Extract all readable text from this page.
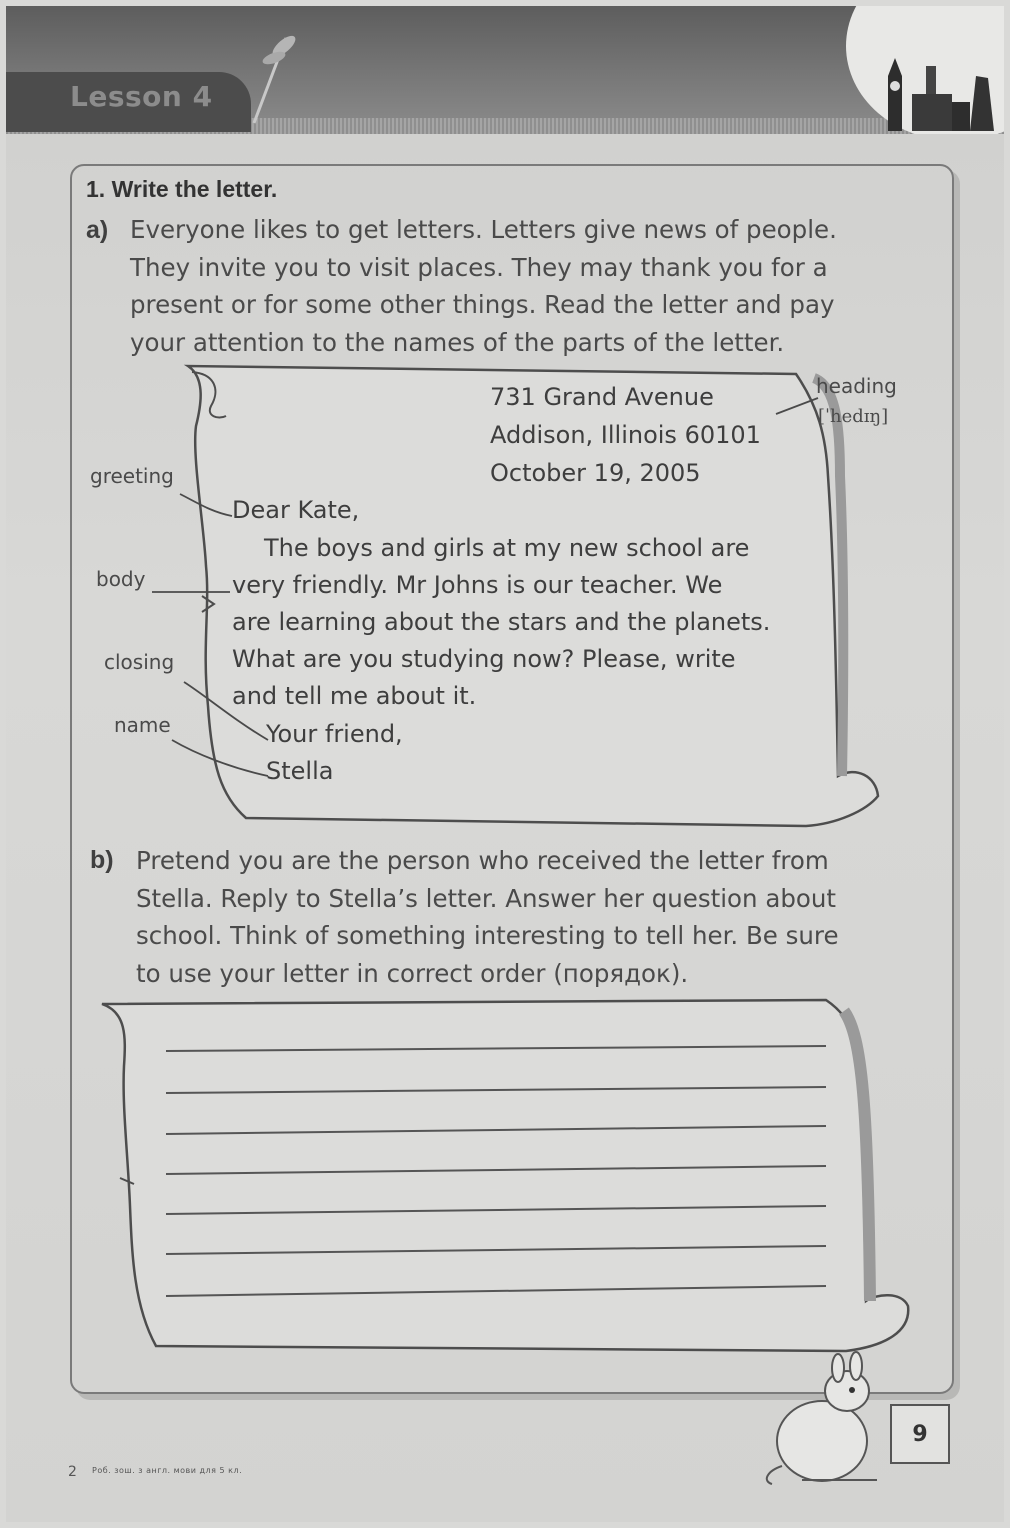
Lesson 4
1. Write the letter.
a) Everyone likes to get letters. Letters give news of people.
They invite you to visit places. They may thank you for a
present or for some other things. Read the letter and pay
your attention to the names of the parts of the letter.
731 Grand Avenue
Addison, Illinois 60101
October 19, 2005
Dear Kate,
The boys and girls at my new school are
very friendly. Mr Johns is our teacher. We
are learning about the stars and the planets.
What are you studying now? Please, write
and tell me about it.
Your friend,
Stella
heading
[ˈhedɪŋ]
greeting
body
closing
name
b) Pretend you are the person who received the letter from
Stella. Reply to Stella’s letter. Answer her question about
school. Think of something interesting to tell her. Be sure
to use your letter in correct order (порядок).
9
2 Роб. зош. з англ. мови для 5 кл.
